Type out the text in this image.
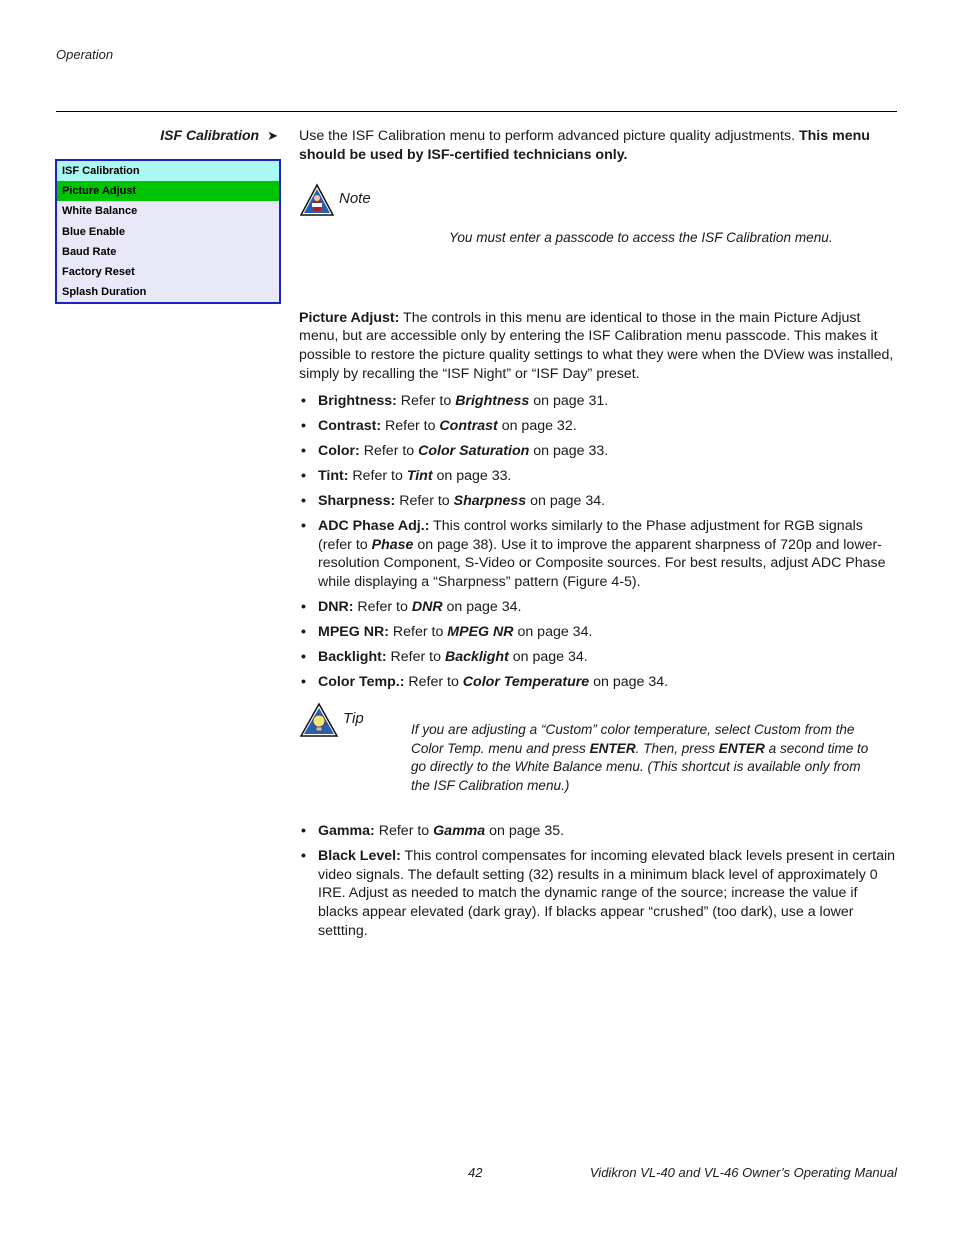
Operation
ISF Calibration ➤
ISF Calibration
Picture Adjust
White Balance
Blue Enable
Baud Rate
Factory Reset
Splash Duration

Use the ISF Calibration menu to perform advanced picture quality adjustments. This menu should be used by ISF-certified technicians only.

Note

You must enter a passcode to access the ISF Calibration menu.

Picture Adjust: The controls in this menu are identical to those in the main Picture Adjust menu, but are accessible only by entering the ISF Calibration menu passcode. This makes it possible to restore the picture quality settings to what they were when the DView was installed, simply by recalling the “ISF Night” or “ISF Day” preset.

• Brightness: Refer to Brightness on page 31.
• Contrast: Refer to Contrast on page 32.
• Color: Refer to Color Saturation on page 33.
• Tint: Refer to Tint on page 33.
• Sharpness: Refer to Sharpness on page 34.
• ADC Phase Adj.: This control works similarly to the Phase adjustment for RGB signals (refer to Phase on page 38). Use it to improve the apparent sharpness of 720p and lower-resolution Component, S-Video or Composite sources. For best results, adjust ADC Phase while displaying a “Sharpness” pattern (Figure 4-5).
• DNR: Refer to DNR on page 34.
• MPEG NR: Refer to MPEG NR on page 34.
• Backlight: Refer to Backlight on page 34.
• Color Temp.: Refer to Color Temperature on page 34.
Tip

If you are adjusting a “Custom” color temperature, select Custom from the Color Temp. menu and press ENTER. Then, press ENTER a second time to go directly to the White Balance menu. (This shortcut is available only from the ISF Calibration menu.)

• Gamma: Refer to Gamma on page 35.
• Black Level: This control compensates for incoming elevated black levels present in certain video signals. The default setting (32) results in a minimum black level of approximately 0 IRE. Adjust as needed to match the dynamic range of the source; increase the value if blacks appear elevated (dark gray). If blacks appear “crushed” (too dark), use a lower settting.
42	Vidikron VL-40 and VL-46 Owner’s Operating Manual
